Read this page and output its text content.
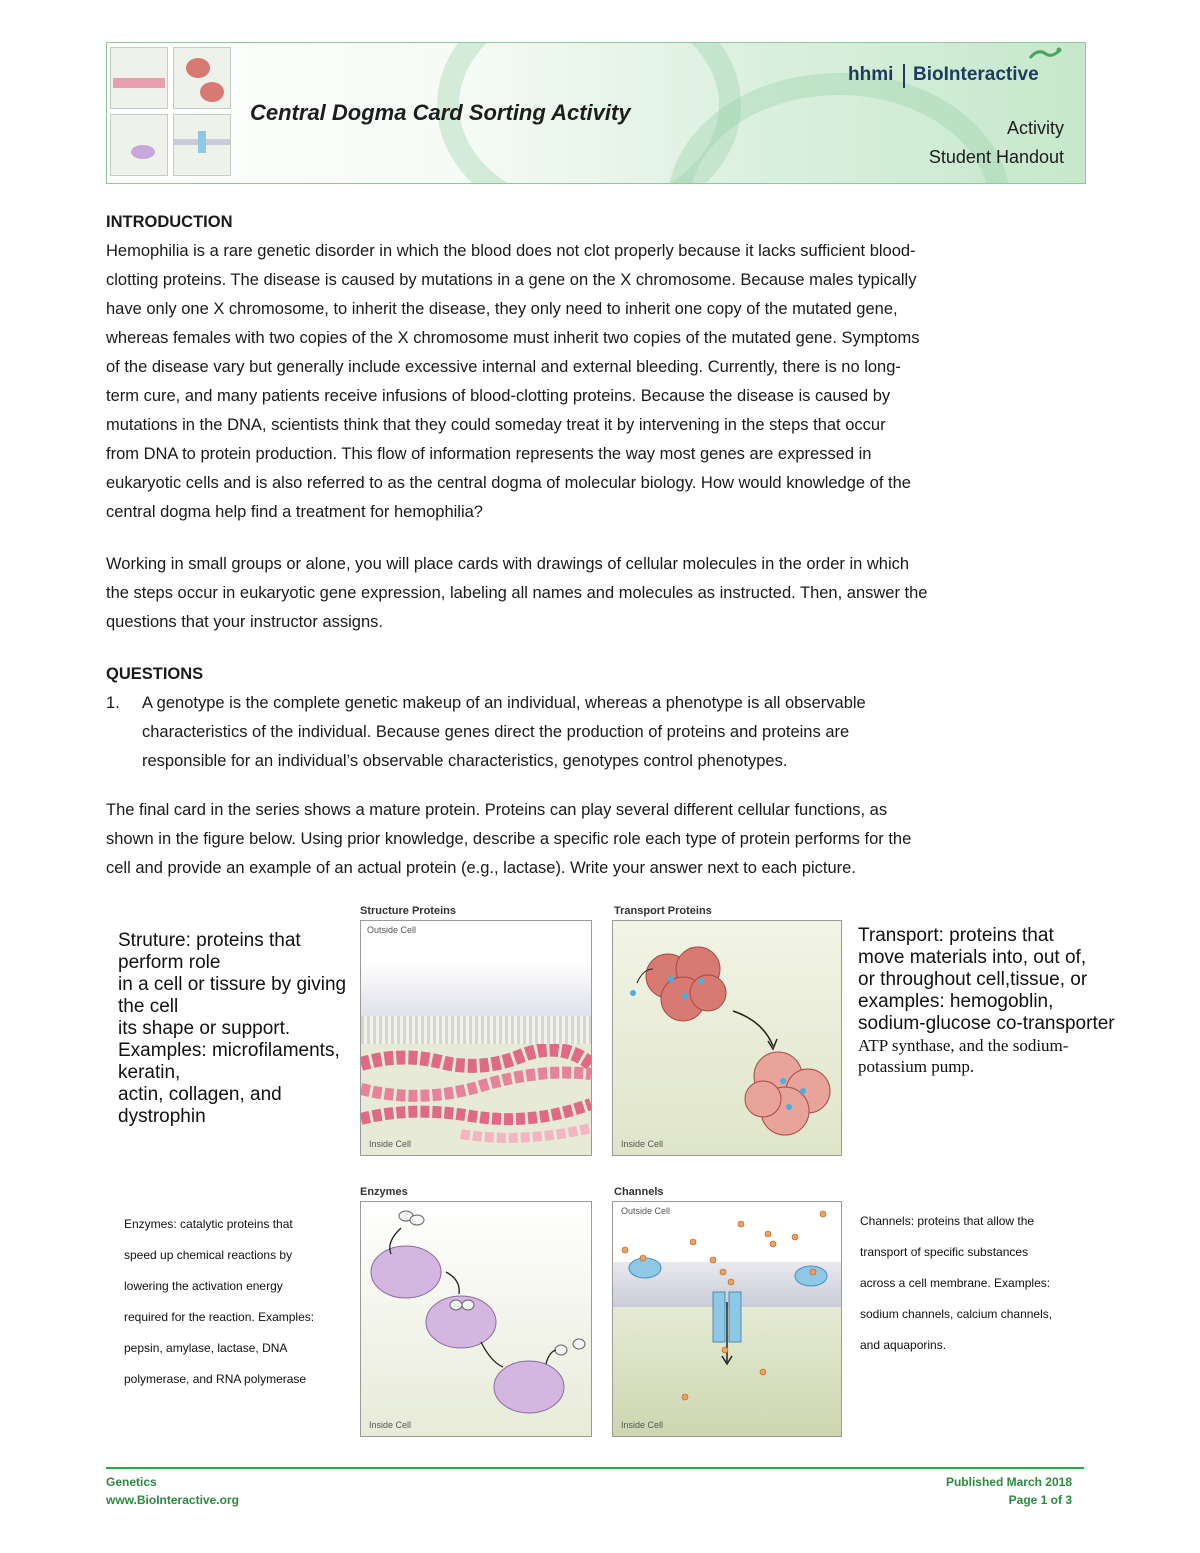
Central Dogma Card Sorting Activity
hhmi BioInteractive
Activity
Student Handout
INTRODUCTION
Hemophilia is a rare genetic disorder in which the blood does not clot properly because it lacks sufficient blood-
clotting proteins. The disease is caused by mutations in a gene on the X chromosome. Because males typically
have only one X chromosome, to inherit the disease, they only need to inherit one copy of the mutated gene,
whereas females with two copies of the X chromosome must inherit two copies of the mutated gene. Symptoms
of the disease vary but generally include excessive internal and external bleeding. Currently, there is no long-
term cure, and many patients receive infusions of blood-clotting proteins. Because the disease is caused by
mutations in the DNA, scientists think that they could someday treat it by intervening in the steps that occur
from DNA to protein production. This flow of information represents the way most genes are expressed in
eukaryotic cells and is also referred to as the central dogma of molecular biology. How would knowledge of the
central dogma help find a treatment for hemophilia?
Working in small groups or alone, you will place cards with drawings of cellular molecules in the order in which
the steps occur in eukaryotic gene expression, labeling all names and molecules as instructed. Then, answer the
questions that your instructor assigns.
QUESTIONS
1. A genotype is the complete genetic makeup of an individual, whereas a phenotype is all observable
characteristics of the individual. Because genes direct the production of proteins and proteins are
responsible for an individual’s observable characteristics, genotypes control phenotypes.
The final card in the series shows a mature protein. Proteins can play several different cellular functions, as
shown in the figure below. Using prior knowledge, describe a specific role each type of protein performs for the
cell and provide an example of an actual protein (e.g., lactase). Write your answer next to each picture.
Structure Proteins
Outside Cell
Inside Cell
Transport Proteins
Inside Cell
Enzymes
Inside Cell
Channels
Outside Cell
Inside Cell
Struture: proteins that
perform role
in a cell or tissure by giving
the cell
its shape or support.
Examples: microfilaments,
keratin,
actin, collagen, and
dystrophin
Transport: proteins that
move materials into, out of,
or throughout cell,tissue, or
examples: hemogoblin,
sodium-glucose co-transporter
ATP synthase, and the sodium-
potassium pump.
Enzymes: catalytic proteins that
speed up chemical reactions by
lowering the activation energy
required for the reaction. Examples:
pepsin, amylase, lactase, DNA
polymerase, and RNA polymerase
Channels: proteins that allow the
transport of specific substances
across a cell membrane. Examples:
sodium channels, calcium channels,
and aquaporins.
Genetics
www.BioInteractive.org
Published March 2018
Page 1 of 3
